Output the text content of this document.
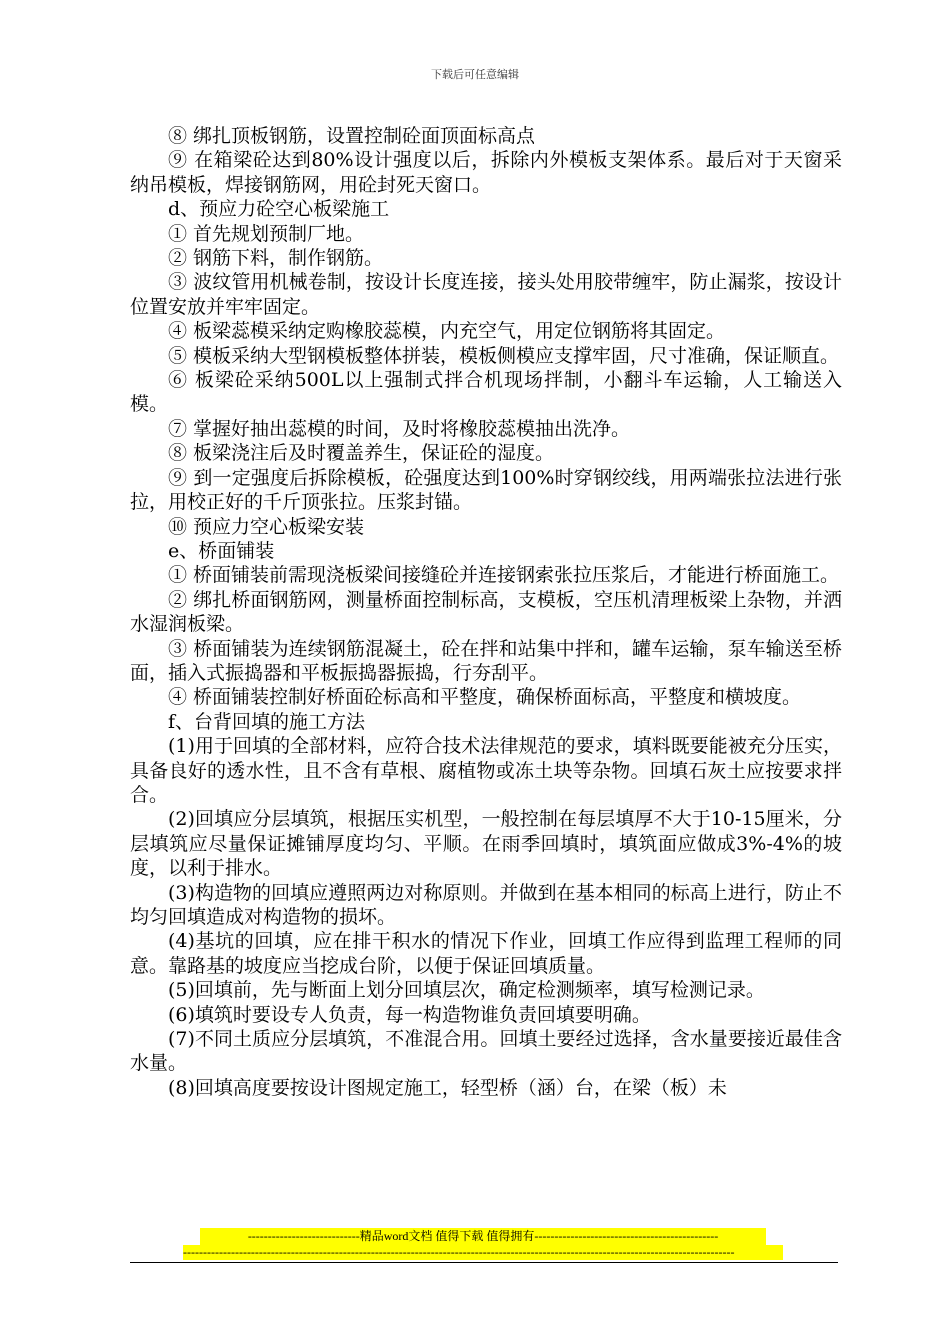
下载后可任意编辑

⑧ 绑扎顶板钢筋，设置控制砼面顶面标高点

⑨ 在箱梁砼达到80%设计强度以后，拆除内外模板支架体系。最后对于天窗采纳吊模板，焊接钢筋网，用砼封死天窗口。

d、预应力砼空心板梁施工

① 首先规划预制厂地。

② 钢筋下料，制作钢筋。

③ 波纹管用机械卷制，按设计长度连接，接头处用胶带缠牢，防止漏浆，按设计位置安放并牢牢固定。

④ 板梁蕊模采纳定购橡胶蕊模，内充空气，用定位钢筋将其固定。

⑤ 模板采纳大型钢模板整体拼装，模板侧模应支撑牢固，尺寸准确，保证顺直。

⑥ 板梁砼采纳500L以上强制式拌合机现场拌制，小翻斗车运输，人工输送入模。

⑦ 掌握好抽出蕊模的时间，及时将橡胶蕊模抽出洗净。

⑧ 板梁浇注后及时覆盖养生，保证砼的湿度。

⑨ 到一定强度后拆除模板，砼强度达到100%时穿钢绞线，用两端张拉法进行张拉，用校正好的千斤顶张拉。压浆封锚。

⑩ 预应力空心板梁安装

e、桥面铺装

① 桥面铺装前需现浇板梁间接缝砼并连接钢索张拉压浆后，才能进行桥面施工。

② 绑扎桥面钢筋网，测量桥面控制标高，支模板，空压机清理板梁上杂物，并洒水湿润板梁。

③ 桥面铺装为连续钢筋混凝土，砼在拌和站集中拌和，罐车运输，泵车输送至桥面，插入式振捣器和平板振捣器振捣，行夯刮平。

④ 桥面铺装控制好桥面砼标高和平整度，确保桥面标高，平整度和横坡度。

f、台背回填的施工方法

(1)用于回填的全部材料，应符合技术法律规范的要求，填料既要能被充分压实，具备良好的透水性，且不含有草根、腐植物或冻土块等杂物。回填石灰土应按要求拌合。

(2)回填应分层填筑，根据压实机型，一般控制在每层填厚不大于10-15厘米，分层填筑应尽量保证摊铺厚度均匀、平顺。在雨季回填时，填筑面应做成3%-4%的坡度，以利于排水。

(3)构造物的回填应遵照两边对称原则。并做到在基本相同的标高上进行，防止不均匀回填造成对构造物的损坏。

(4)基坑的回填，应在排干积水的情况下作业，回填工作应得到监理工程师的同意。靠路基的坡度应当挖成台阶，以便于保证回填质量。

(5)回填前，先与断面上划分回填层次，确定检测频率，填写检测记录。

(6)填筑时要设专人负责，每一构造物谁负责回填要明确。

(7)不同土质应分层填筑，不准混合用。回填土要经过选择，含水量要接近最佳含水量。

(8)回填高度要按设计图规定施工，轻型桥（涵）台，在梁（板）未

----------------------------精品word文档 值得下载 值得拥有----------------------------------------------
------------------------------------------------------------------------------------------------------------------------------------------
